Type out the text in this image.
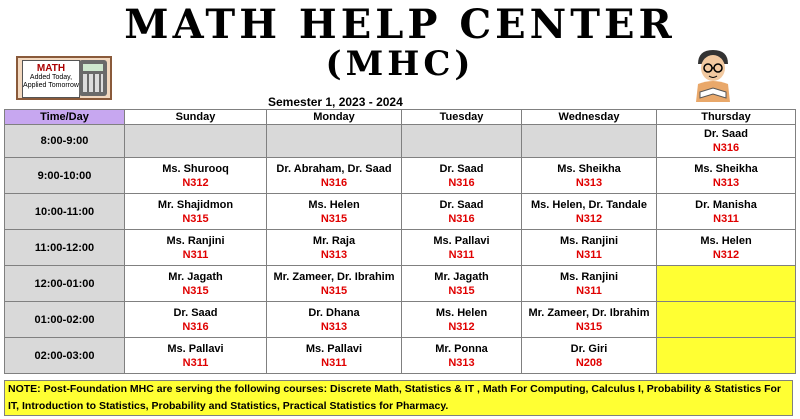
MATH HELP CENTER
(MHC)
MATH
Added Today,
Applied Tomorrow
Semester 1, 2023 - 2024
Time/Day	Sunday	Monday	Tuesday	Wednesday	Thursday
8:00-9:00					Dr. Saad
N316

9:00-10:00	Ms. Shurooq
N312	Dr. Abraham, Dr. Saad
N316	Dr. Saad
N316	Ms. Sheikha
N313	Ms. Sheikha
N313

10:00-11:00	Mr. Shajidmon
N315	Ms. Helen
N315	Dr. Saad
N316	Ms. Helen, Dr. Tandale
N312	Dr. Manisha
N311

11:00-12:00	Ms. Ranjini
N311	Mr. Raja
N313	Ms. Pallavi
N311	Ms. Ranjini
N311	Ms. Helen
N312

12:00-01:00	Mr. Jagath
N315	Mr. Zameer, Dr. Ibrahim
N315	Mr. Jagath
N315	Ms. Ranjini
N311	

01:00-02:00	Dr. Saad
N316	Dr. Dhana
N313	Ms. Helen
N312	Mr. Zameer, Dr. Ibrahim
N315	

02:00-03:00	Ms. Pallavi
N311	Ms. Pallavi
N311	Mr. Ponna
N313	Dr. Giri
N208	

NOTE: Post-Foundation MHC are serving the following courses: Discrete Math, Statistics & IT , Math For Computing, Calculus I, Probability & Statistics For
IT, Introduction to Statistics, Probability and Statistics, Practical Statistics for Pharmacy.
